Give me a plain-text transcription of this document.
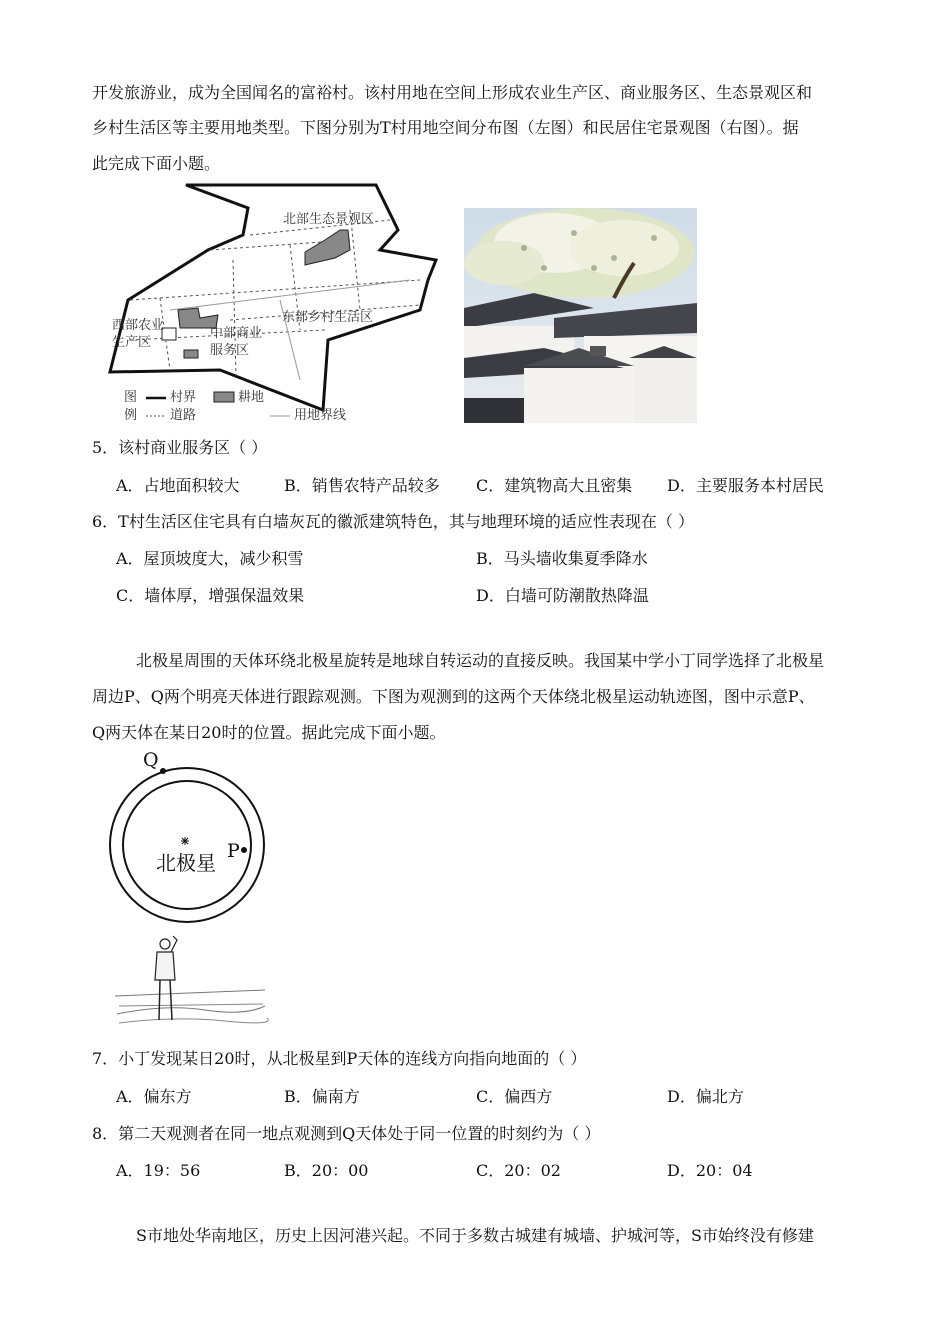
开发旅游业，成为全国闻名的富裕村。该村用地在空间上形成农业生产区、商业服务区、生态景观区和
乡村生活区等主要用地类型。下图分别为T村用地空间分布图（左图）和民居住宅景观图（右图）。据
此完成下面小题。
北部生态景观区
西部农业
生产区
中部商业
服务区
东部乡村生活区
图
例
村界	耕地
道路	用地界线
5．该村商业服务区（ ）
A．占地面积较大	B．销售农特产品较多 C．建筑物高大且密集 D．主要服务本村居民
6．T村生活区住宅具有白墙灰瓦的徽派建筑特色，其与地理环境的适应性表现在（ ）
A．屋顶坡度大，减少积雪	B．马头墙收集夏季降水
C．墙体厚，增强保温效果	D．白墙可防潮散热降温
北极星周围的天体环绕北极星旋转是地球自转运动的直接反映。我国某中学小丁同学选择了北极星
周边P、Q两个明亮天体进行跟踪观测。下图为观测到的这两个天体绕北极星运动轨迹图，图中示意P、
Q两天体在某日20时的位置。据此完成下面小题。
Q
P
北极星
7．小丁发现某日20时，从北极星到P天体的连线方向指向地面的（ ）
A．偏东方	B．偏南方	C．偏西方	D．偏北方
8．第二天观测者在同一地点观测到Q天体处于同一位置的时刻约为（ ）
A．19：56	B．20：00	C．20：02	D．20：04
S市地处华南地区，历史上因河港兴起。不同于多数古城建有城墙、护城河等，S市始终没有修建
